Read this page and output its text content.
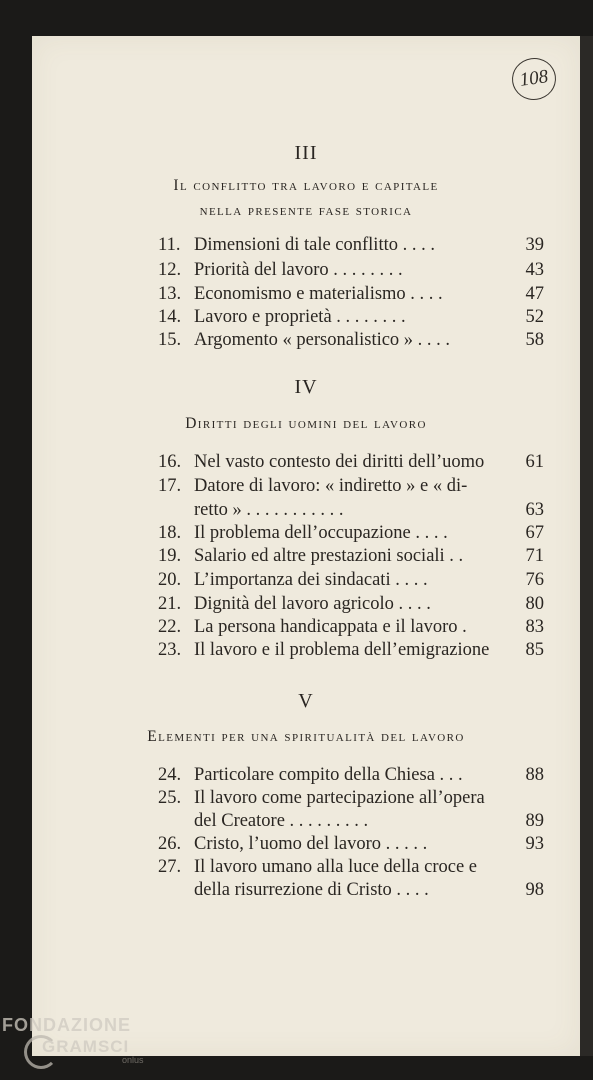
108
III
Il conflitto tra lavoro e capitale
nella presente fase storica
11. Dimensioni di tale conflitto . . . .	39
12. Priorità del lavoro . . . . . . . .	43
13. Economismo e materialismo . . . .	47
14. Lavoro e proprietà . . . . . . . .	52
15. Argomento « personalistico » . . . .	58
IV
Diritti degli uomini del lavoro
16. Nel vasto contesto dei diritti dell’uomo 61
17. Datore di lavoro: « indiretto » e « di-
retto » . . . . . . . . . . .	63
18. Il problema dell’occupazione . . . .	67
19. Salario ed altre prestazioni sociali . .	71
20. L’importanza dei sindacati . . . .	76
21. Dignità del lavoro agricolo . . . .	80
22. La persona handicappata e il lavoro .	83
23. Il lavoro e il problema dell’emigrazione 85
V
Elementi per una spiritualità del lavoro
24. Particolare compito della Chiesa . . .	88
25. Il lavoro come partecipazione all’opera
del Creatore . . . . . . . . .	89
26. Cristo, l’uomo del lavoro . . . . .	93
27. Il lavoro umano alla luce della croce e
della risurrezione di Cristo . . . .	98
FONDAZIONE
GRAMSCI
onlus
